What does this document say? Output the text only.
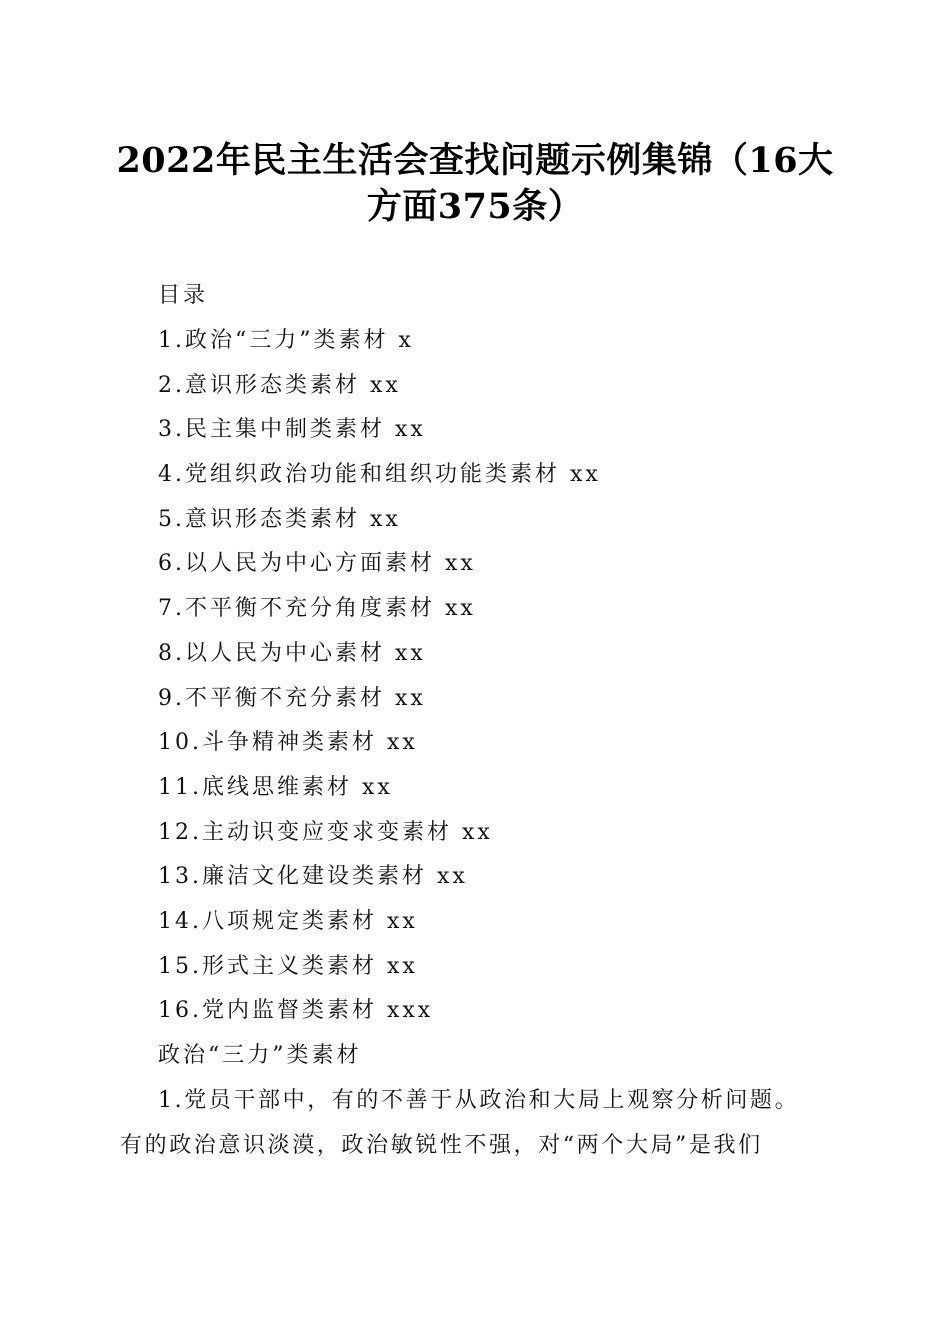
2022年民主生活会查找问题示例集锦（16大
方面375条）
目录
1.政治“三力”类素材 x
2.意识形态类素材 xx
3.民主集中制类素材 xx
4.党组织政治功能和组织功能类素材 xx
5.意识形态类素材 xx
6.以人民为中心方面素材 xx
7.不平衡不充分角度素材 xx
8.以人民为中心素材 xx
9.不平衡不充分素材 xx
10.斗争精神类素材 xx
11.底线思维素材 xx
12.主动识变应变求变素材 xx
13.廉洁文化建设类素材 xx
14.八项规定类素材 xx
15.形式主义类素材 xx
16.党内监督类素材 xxx
政治“三力”类素材
1.党员干部中，有的不善于从政治和大局上观察分析问题。
有的政治意识淡漠，政治敏锐性不强，对“两个大局”是我们
